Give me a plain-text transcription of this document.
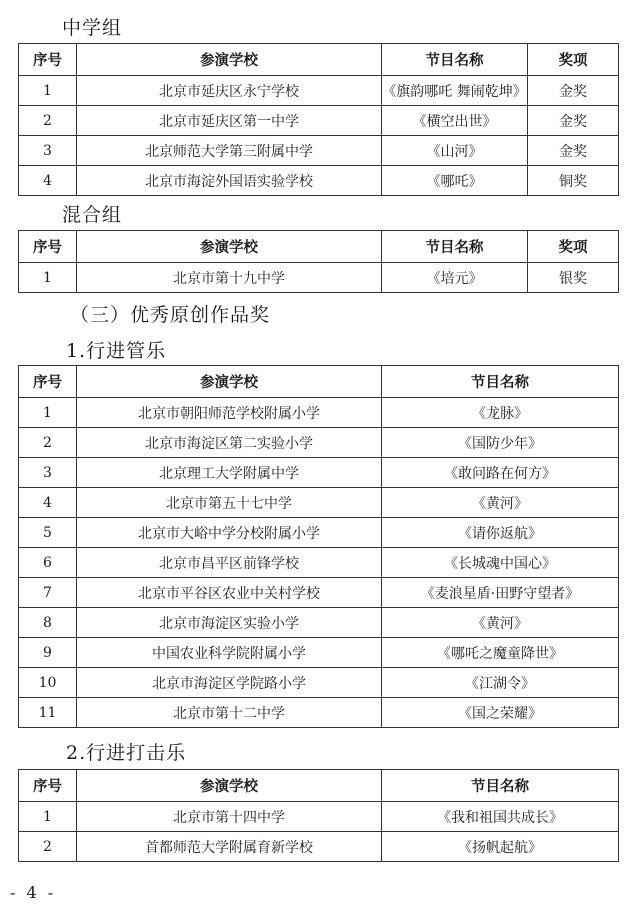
中学组
序号	参演学校	节目名称	奖项
1	北京市延庆区永宁学校	《旗韵哪吒 舞闹乾坤》	金奖
2	北京市延庆区第一中学	《横空出世》	金奖
3	北京师范大学第三附属中学	《山河》	金奖
4	北京市海淀外国语实验学校	《哪吒》	铜奖
混合组
序号	参演学校	节目名称	奖项
1	北京市第十九中学	《培元》	银奖
（三）优秀原创作品奖
1.行进管乐
序号	参演学校	节目名称
1	北京市朝阳师范学校附属小学	《龙脉》
2	北京市海淀区第二实验小学	《国防少年》
3	北京理工大学附属中学	《敢问路在何方》
4	北京市第五十七中学	《黄河》
5	北京市大峪中学分校附属小学	《请你返航》
6	北京市昌平区前锋学校	《长城魂中国心》
7	北京市平谷区农业中关村学校	《麦浪星盾·田野守望者》
8	北京市海淀区实验小学	《黄河》
9	中国农业科学院附属小学	《哪吒之魔童降世》
10	北京市海淀区学院路小学	《江湖令》
11	北京市第十二中学	《国之荣耀》
2.行进打击乐
序号	参演学校	节目名称
1	北京市第十四中学	《我和祖国共成长》
2	首都师范大学附属育新学校	《扬帆起航》
- 4 -
